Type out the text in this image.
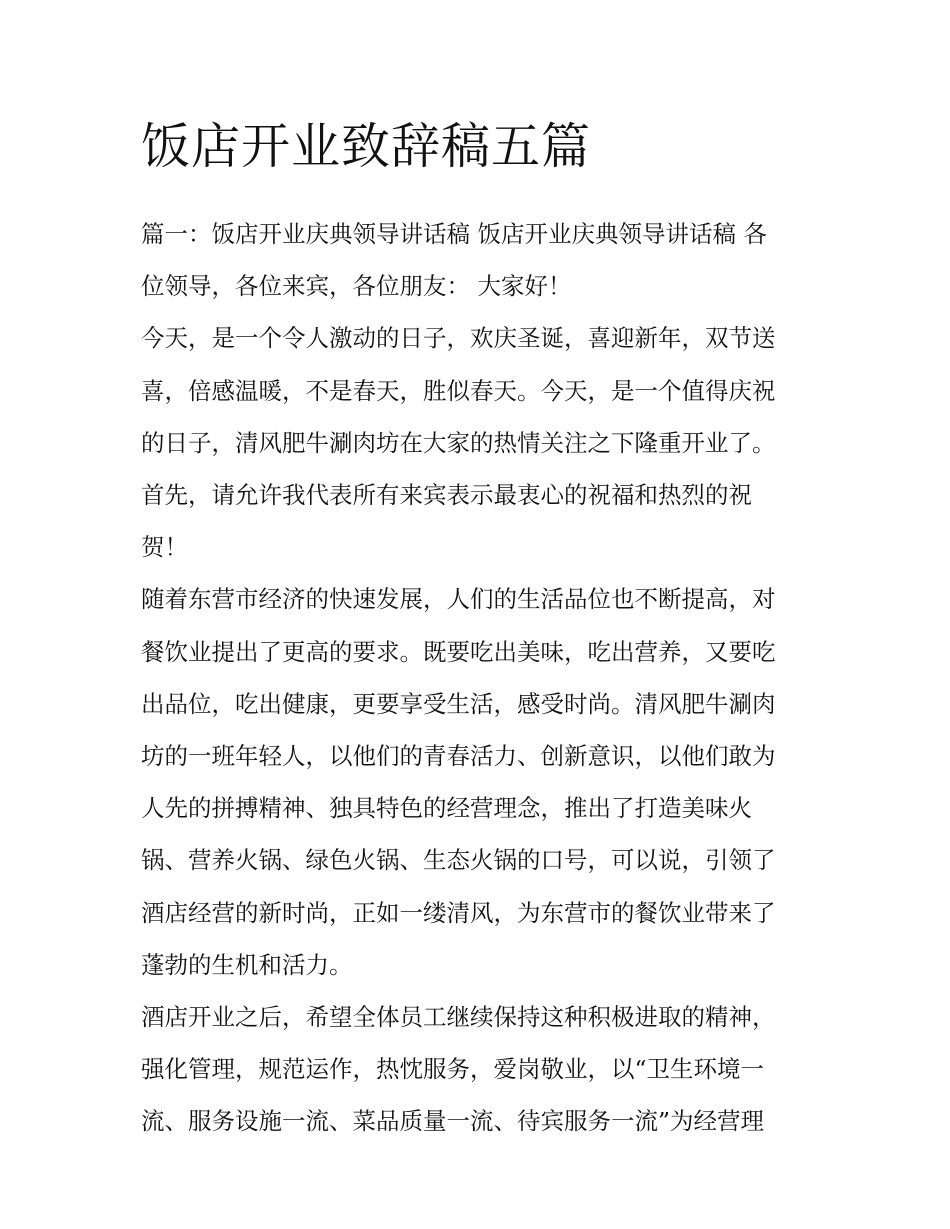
饭店开业致辞稿五篇

篇一：饭店开业庆典领导讲话稿 饭店开业庆典领导讲话稿 各
位领导，各位来宾，各位朋友： 大家好！

今天，是一个令人激动的日子，欢庆圣诞，喜迎新年，双节送
喜，倍感温暖，不是春天，胜似春天。今天，是一个值得庆祝
的日子，清风肥牛涮肉坊在大家的热情关注之下隆重开业了。
首先，请允许我代表所有来宾表示最衷心的祝福和热烈的祝
贺！

随着东营市经济的快速发展，人们的生活品位也不断提高，对
餐饮业提出了更高的要求。既要吃出美味，吃出营养，又要吃
出品位，吃出健康，更要享受生活，感受时尚。清风肥牛涮肉
坊的一班年轻人，以他们的青春活力、创新意识，以他们敢为
人先的拼搏精神、独具特色的经营理念，推出了打造美味火
锅、营养火锅、绿色火锅、生态火锅的口号，可以说，引领了
酒店经营的新时尚，正如一缕清风，为东营市的餐饮业带来了
蓬勃的生机和活力。

酒店开业之后，希望全体员工继续保持这种积极进取的精神，
强化管理，规范运作，热忱服务，爱岗敬业，以“卫生环境一
流、服务设施一流、菜品质量一流、待宾服务一流”为经营理
